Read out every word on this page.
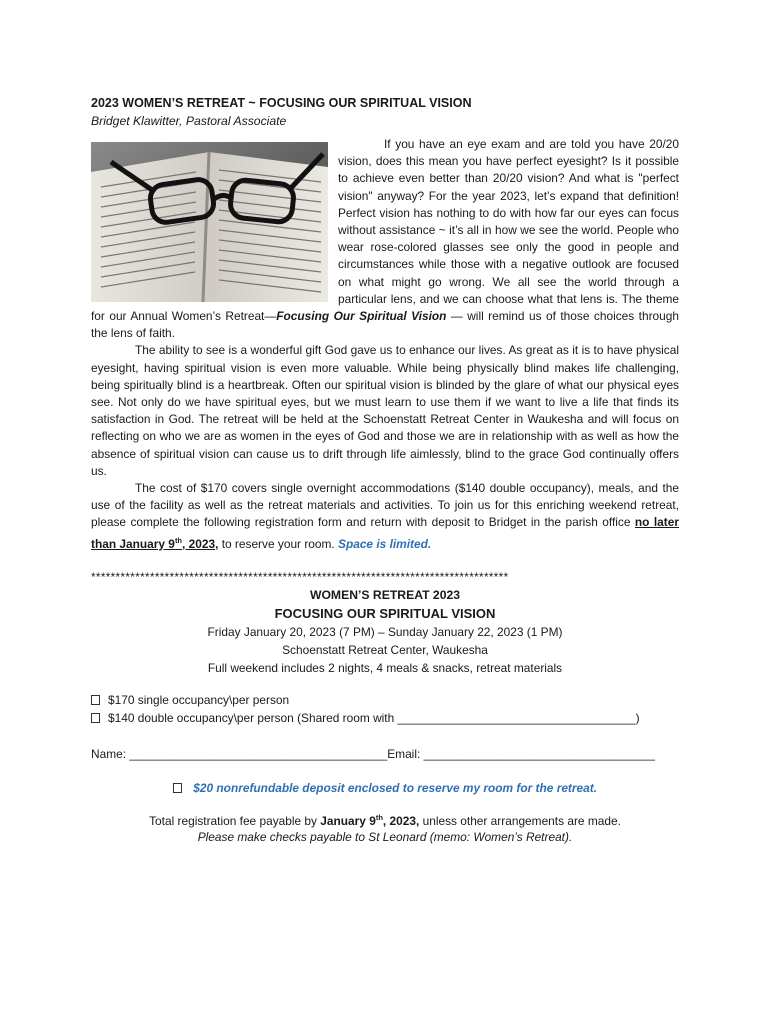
2023 WOMEN’S RETREAT ~ FOCUSING OUR SPIRITUAL VISION
Bridget Klawitter, Pastoral Associate

If you have an eye exam and are told you have 20/20 vision, does this mean you have perfect eyesight? Is it possible to achieve even better than 20/20 vision? And what is "perfect vision" anyway? For the year 2023, let’s expand that definition! Perfect vision has nothing to do with how far our eyes can focus without assistance ~ it’s all in how we see the world. People who wear rose-colored glasses see only the good in people and circumstances while those with a negative outlook are focused on what might go wrong. We all see the world through a particular lens, and we can choose what that lens is. The theme for our Annual Women’s Retreat—Focusing Our Spiritual Vision — will remind us of those choices through the lens of faith.

The ability to see is a wonderful gift God gave us to enhance our lives. As great as it is to have physical eyesight, having spiritual vision is even more valuable. While being physically blind makes life challenging, being spiritually blind is a heartbreak. Often our spiritual vision is blinded by the glare of what our physical eyes see. Not only do we have spiritual eyes, but we must learn to use them if we want to live a life that finds its satisfaction in God. The retreat will be held at the Schoenstatt Retreat Center in Waukesha and will focus on reflecting on who we are as women in the eyes of God and those we are in relationship with as well as how the absence of spiritual vision can cause us to drift through life aimlessly, blind to the grace God continually offers us.

The cost of $170 covers single overnight accommodations ($140 double occupancy), meals, and the use of the facility as well as the retreat materials and activities. To join us for this enriching weekend retreat, please complete the following registration form and return with deposit to Bridget in the parish office no later than January 9th, 2023, to reserve your room. Space is limited.

*************************************************************************************

WOMEN’S RETREAT 2023

FOCUSING OUR SPIRITUAL VISION

Friday January 20, 2023 (7 PM) – Sunday January 22, 2023 (1 PM)

Schoenstatt Retreat Center, Waukesha

Full weekend includes 2 nights, 4 meals & snacks, retreat materials

$170 single occupancy\per person
$140 double occupancy\per person (Shared room with ____________________________________)
Name: _______________________________________Email: ___________________________________
$20 nonrefundable deposit enclosed to reserve my room for the retreat.
Total registration fee payable by January 9th, 2023, unless other arrangements are made.
Please make checks payable to St Leonard (memo: Women’s Retreat).
